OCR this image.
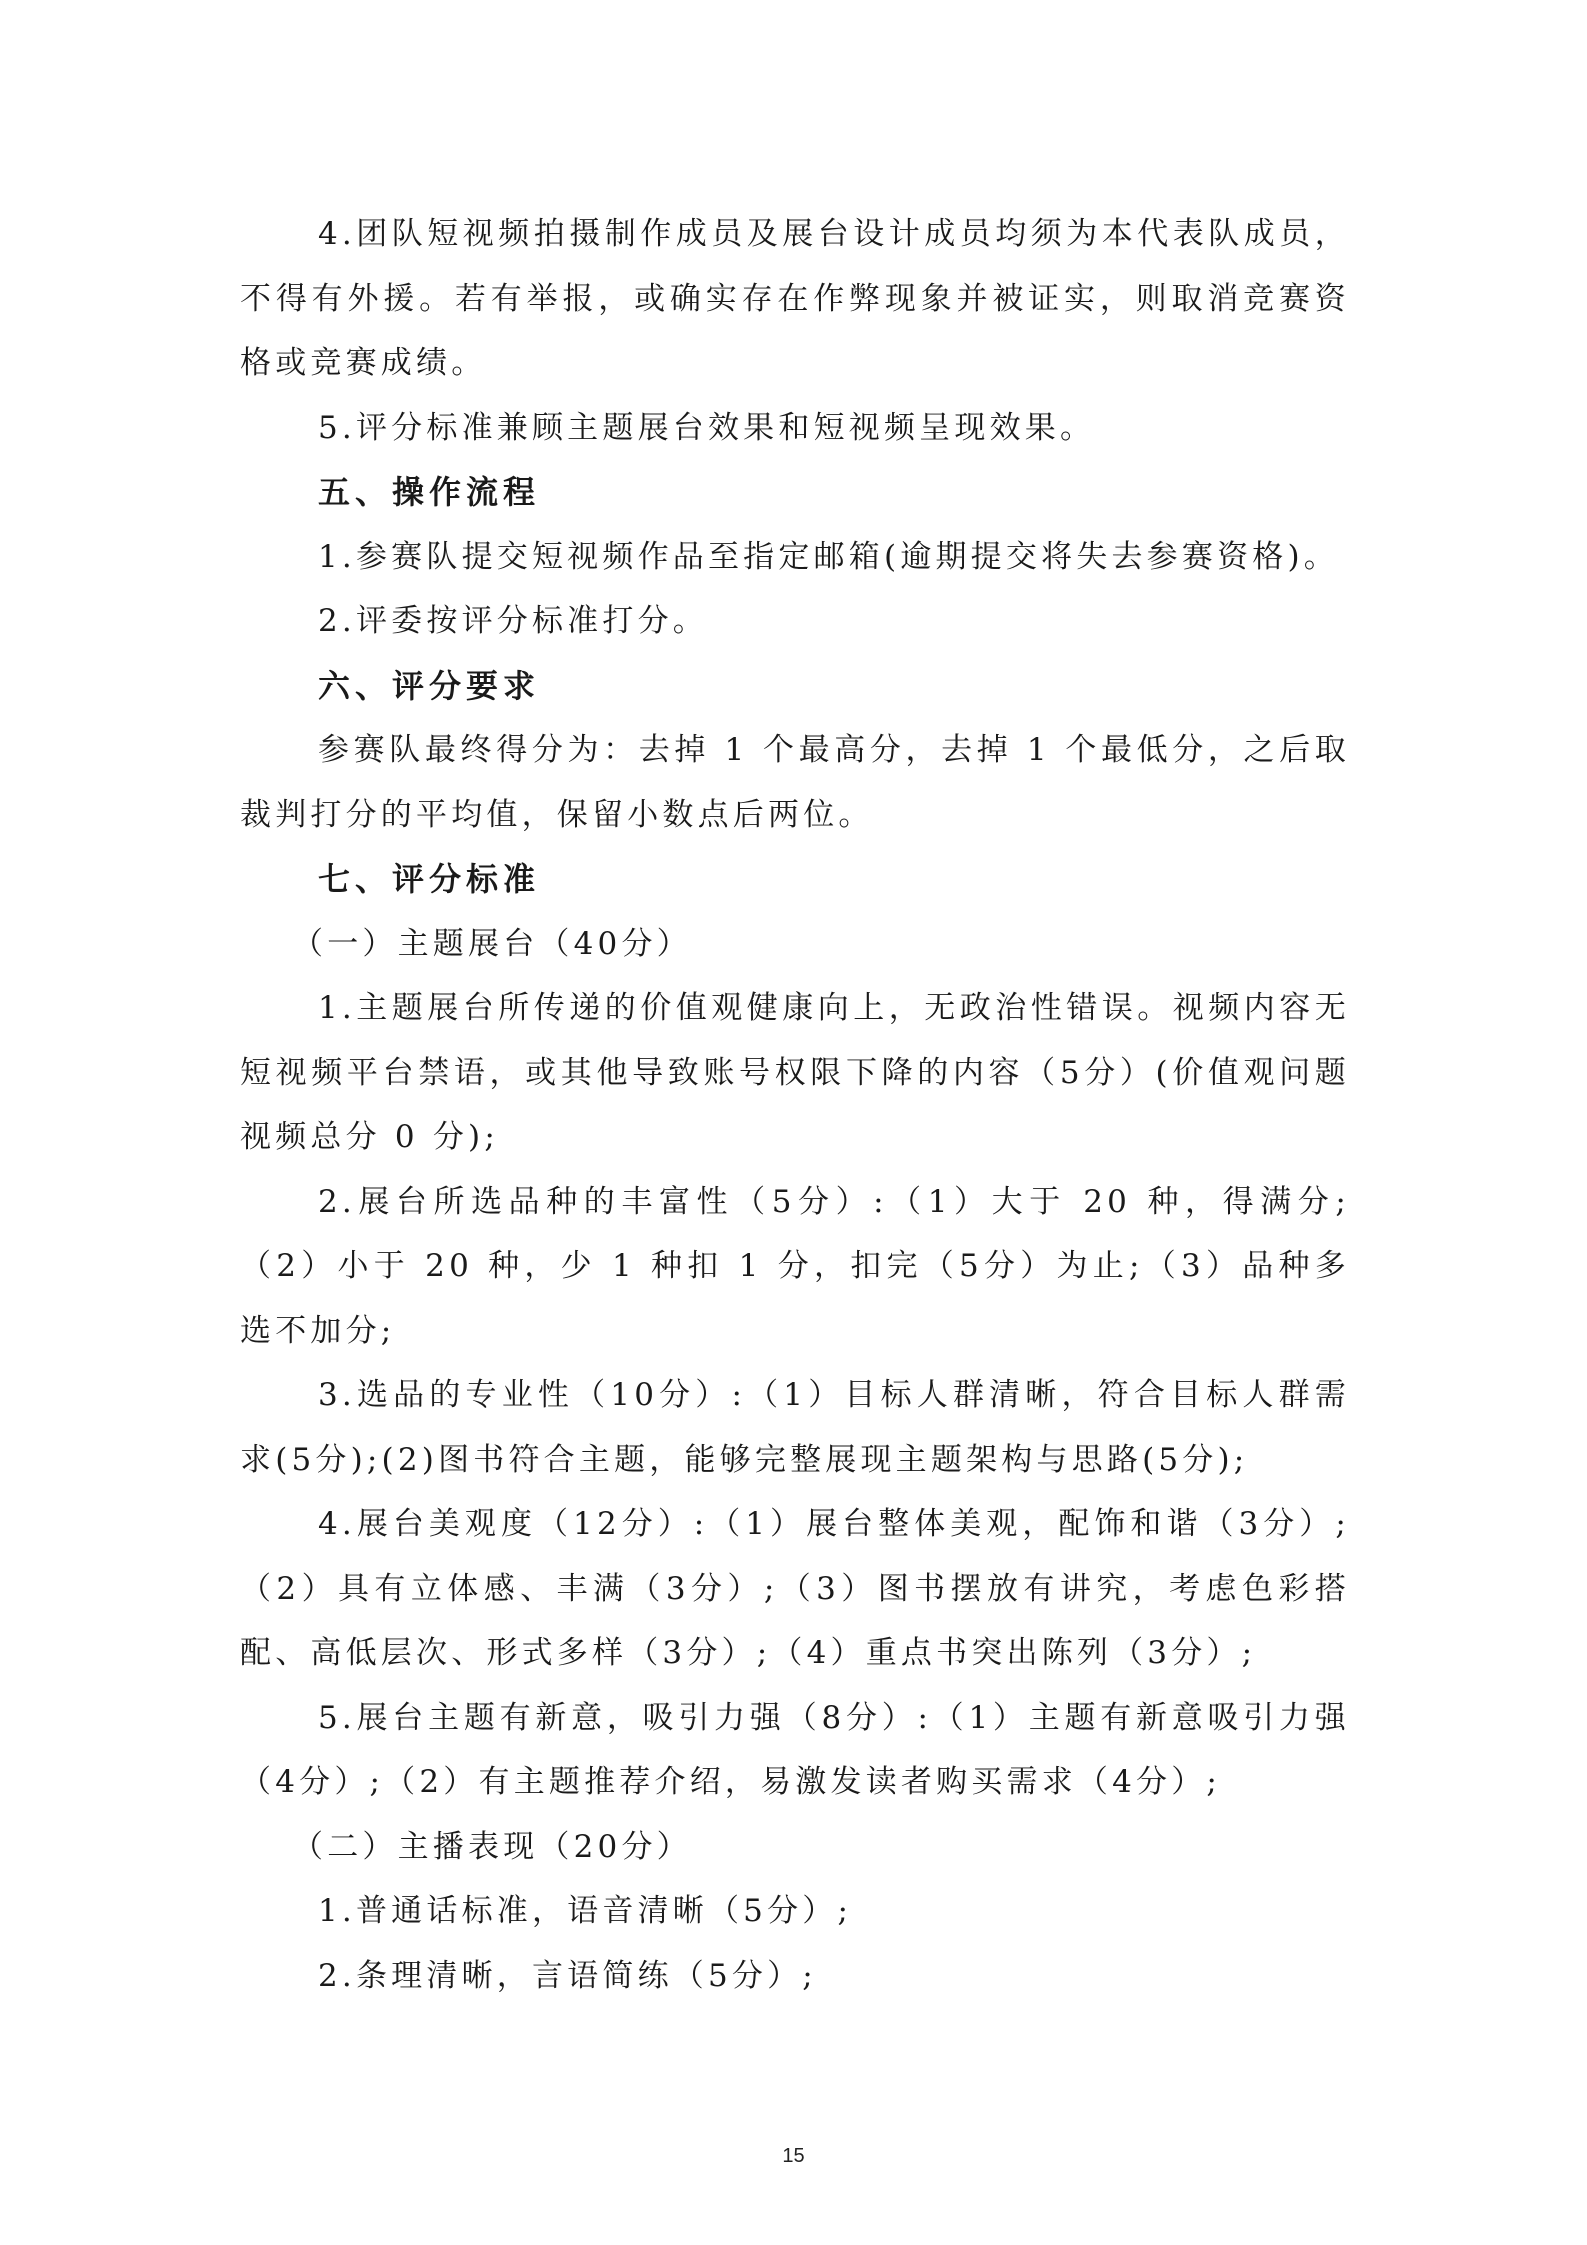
4.团队短视频拍摄制作成员及展台设计成员均须为本代表队成员，不得有外援。若有举报，或确实存在作弊现象并被证实，则取消竞赛资格或竞赛成绩。

5.评分标准兼顾主题展台效果和短视频呈现效果。

五、操作流程

1.参赛队提交短视频作品至指定邮箱(逾期提交将失去参赛资格)。

2.评委按评分标准打分。

六、评分要求

参赛队最终得分为：去掉 1 个最高分，去掉 1 个最低分，之后取裁判打分的平均值，保留小数点后两位。

七、评分标准

（一）主题展台（40分）

1.主题展台所传递的价值观健康向上，无政治性错误。视频内容无短视频平台禁语，或其他导致账号权限下降的内容（5分）(价值观问题视频总分 0 分);

2.展台所选品种的丰富性（5分）:（1）大于 20 种，得满分;（2）小于 20 种，少 1 种扣 1 分，扣完（5分）为止;（3）品种多选不加分;

3.选品的专业性（10分）:（1）目标人群清晰，符合目标人群需求(5分);(2)图书符合主题，能够完整展现主题架构与思路(5分);

4.展台美观度（12分）:（1）展台整体美观，配饰和谐（3分）;（2）具有立体感、丰满（3分）;（3）图书摆放有讲究，考虑色彩搭配、高低层次、形式多样（3分）;（4）重点书突出陈列（3分）;

5.展台主题有新意，吸引力强（8分）:（1）主题有新意吸引力强（4分）;（2）有主题推荐介绍，易激发读者购买需求（4分）;

（二）主播表现（20分）

1.普通话标准，语音清晰（5分）;

2.条理清晰，言语简练（5分）;

15
